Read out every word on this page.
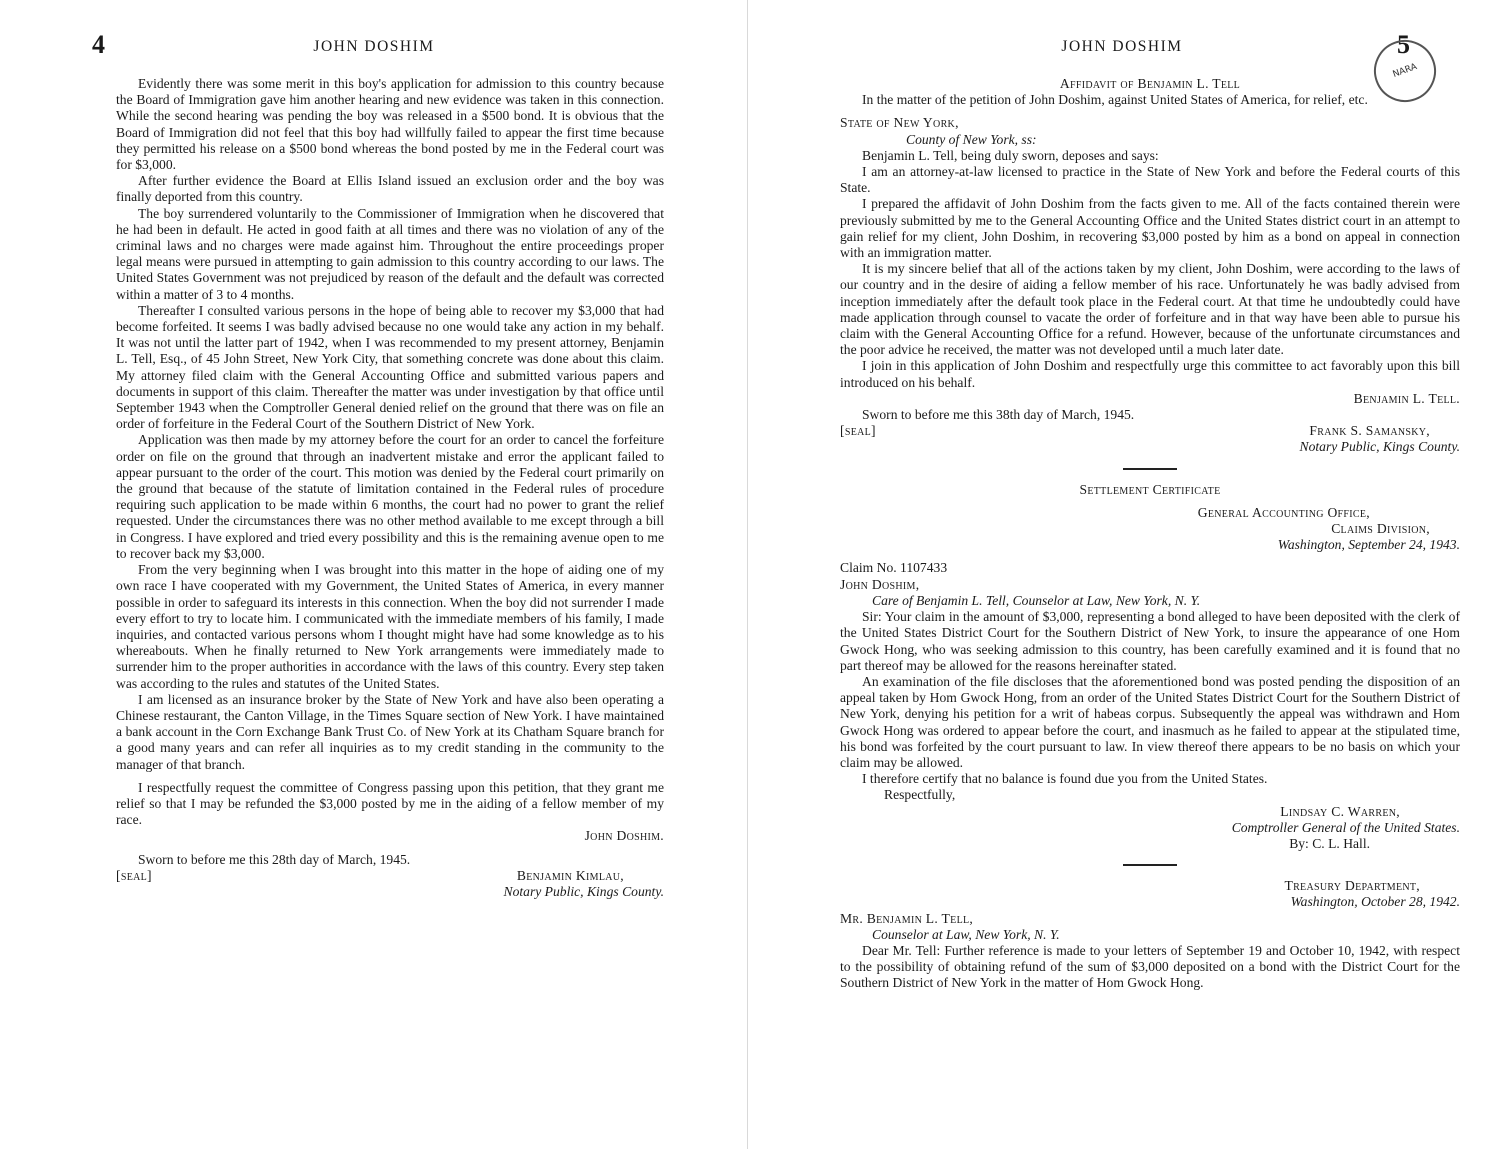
4	JOHN DOSHIM

Evidently there was some merit in this boy's application for admission to this country because the Board of Immigration gave him another hearing and new evidence was taken in this connection. While the second hearing was pending the boy was released in a $500 bond. It is obvious that the Board of Immigration did not feel that this boy had willfully failed to appear the first time because they permitted his release on a $500 bond whereas the bond posted by me in the Federal court was for $3,000.

After further evidence the Board at Ellis Island issued an exclusion order and the boy was finally deported from this country.

The boy surrendered voluntarily to the Commissioner of Immigration when he discovered that he had been in default. He acted in good faith at all times and there was no violation of any of the criminal laws and no charges were made against him. Throughout the entire proceedings proper legal means were pursued in attempting to gain admission to this country according to our laws. The United States Government was not prejudiced by reason of the default and the default was corrected within a matter of 3 to 4 months.

Thereafter I consulted various persons in the hope of being able to recover my $3,000 that had become forfeited. It seems I was badly advised because no one would take any action in my behalf. It was not until the latter part of 1942, when I was recommended to my present attorney, Benjamin L. Tell, Esq., of 45 John Street, New York City, that something concrete was done about this claim. My attorney filed claim with the General Accounting Office and submitted various papers and documents in support of this claim. Thereafter the matter was under investigation by that office until September 1943 when the Comptroller General denied relief on the ground that there was on file an order of forfeiture in the Federal Court of the Southern District of New York.

Application was then made by my attorney before the court for an order to cancel the forfeiture order on file on the ground that through an inadvertent mistake and error the applicant failed to appear pursuant to the order of the court. This motion was denied by the Federal court primarily on the ground that because of the statute of limitation contained in the Federal rules of procedure requiring such application to be made within 6 months, the court had no power to grant the relief requested. Under the circumstances there was no other method available to me except through a bill in Congress. I have explored and tried every possibility and this is the remaining avenue open to me to recover back my $3,000.

From the very beginning when I was brought into this matter in the hope of aiding one of my own race I have cooperated with my Government, the United States of America, in every manner possible in order to safeguard its interests in this connection. When the boy did not surrender I made every effort to try to locate him. I communicated with the immediate members of his family, I made inquiries, and contacted various persons whom I thought might have had some knowledge as to his whereabouts. When he finally returned to New York arrangements were immediately made to surrender him to the proper authorities in accordance with the laws of this country. Every step taken was according to the rules and statutes of the United States.

I am licensed as an insurance broker by the State of New York and have also been operating a Chinese restaurant, the Canton Village, in the Times Square section of New York. I have maintained a bank account in the Corn Exchange Bank Trust Co. of New York at its Chatham Square branch for a good many years and can refer all inquiries as to my credit standing in the community to the manager of that branch.

I respectfully request the committee of Congress passing upon this petition, that they grant me relief so that I may be refunded the $3,000 posted by me in the aiding of a fellow member of my race.

John Doshim.

Sworn to before me this 28th day of March, 1945.

[seal]	Benjamin Kimlau,
Notary Public, Kings County.
JOHN DOSHIM	5
NARA
Affidavit of Benjamin L. Tell

In the matter of the petition of John Doshim, against United States of America, for relief, etc.

State of New York,
County of New York, ss:

Benjamin L. Tell, being duly sworn, deposes and says:

I am an attorney-at-law licensed to practice in the State of New York and before the Federal courts of this State.

I prepared the affidavit of John Doshim from the facts given to me. All of the facts contained therein were previously submitted by me to the General Accounting Office and the United States district court in an attempt to gain relief for my client, John Doshim, in recovering $3,000 posted by him as a bond on appeal in connection with an immigration matter.

It is my sincere belief that all of the actions taken by my client, John Doshim, were according to the laws of our country and in the desire of aiding a fellow member of his race. Unfortunately he was badly advised from inception immediately after the default took place in the Federal court. At that time he undoubtedly could have made application through counsel to vacate the order of forfeiture and in that way have been able to pursue his claim with the General Accounting Office for a refund. However, because of the unfortunate circumstances and the poor advice he received, the matter was not developed until a much later date.

I join in this application of John Doshim and respectfully urge this committee to act favorably upon this bill introduced on his behalf.

Benjamin L. Tell.

Sworn to before me this 38th day of March, 1945.

[seal]	Frank S. Samansky,
Notary Public, Kings County.
Settlement Certificate
General Accounting Office,
Claims Division,
Washington, September 24, 1943.
Claim No. 1107433
John Doshim,
Care of Benjamin L. Tell, Counselor at Law, New York, N. Y.

Sir: Your claim in the amount of $3,000, representing a bond alleged to have been deposited with the clerk of the United States District Court for the Southern District of New York, to insure the appearance of one Hom Gwock Hong, who was seeking admission to this country, has been carefully examined and it is found that no part thereof may be allowed for the reasons hereinafter stated.

An examination of the file discloses that the aforementioned bond was posted pending the disposition of an appeal taken by Hom Gwock Hong, from an order of the United States District Court for the Southern District of New York, denying his petition for a writ of habeas corpus. Subsequently the appeal was withdrawn and Hom Gwock Hong was ordered to appear before the court, and inasmuch as he failed to appear at the stipulated time, his bond was forfeited by the court pursuant to law. In view thereof there appears to be no basis on which your claim may be allowed.

I therefore certify that no balance is found due you from the United States.

Respectfully,
Lindsay C. Warren,
Comptroller General of the United States.
By: C. L. Hall.
Treasury Department,
Washington, October 28, 1942.
Mr. Benjamin L. Tell,
Counselor at Law, New York, N. Y.

Dear Mr. Tell: Further reference is made to your letters of September 19 and October 10, 1942, with respect to the possibility of obtaining refund of the sum of $3,000 deposited on a bond with the District Court for the Southern District of New York in the matter of Hom Gwock Hong.
